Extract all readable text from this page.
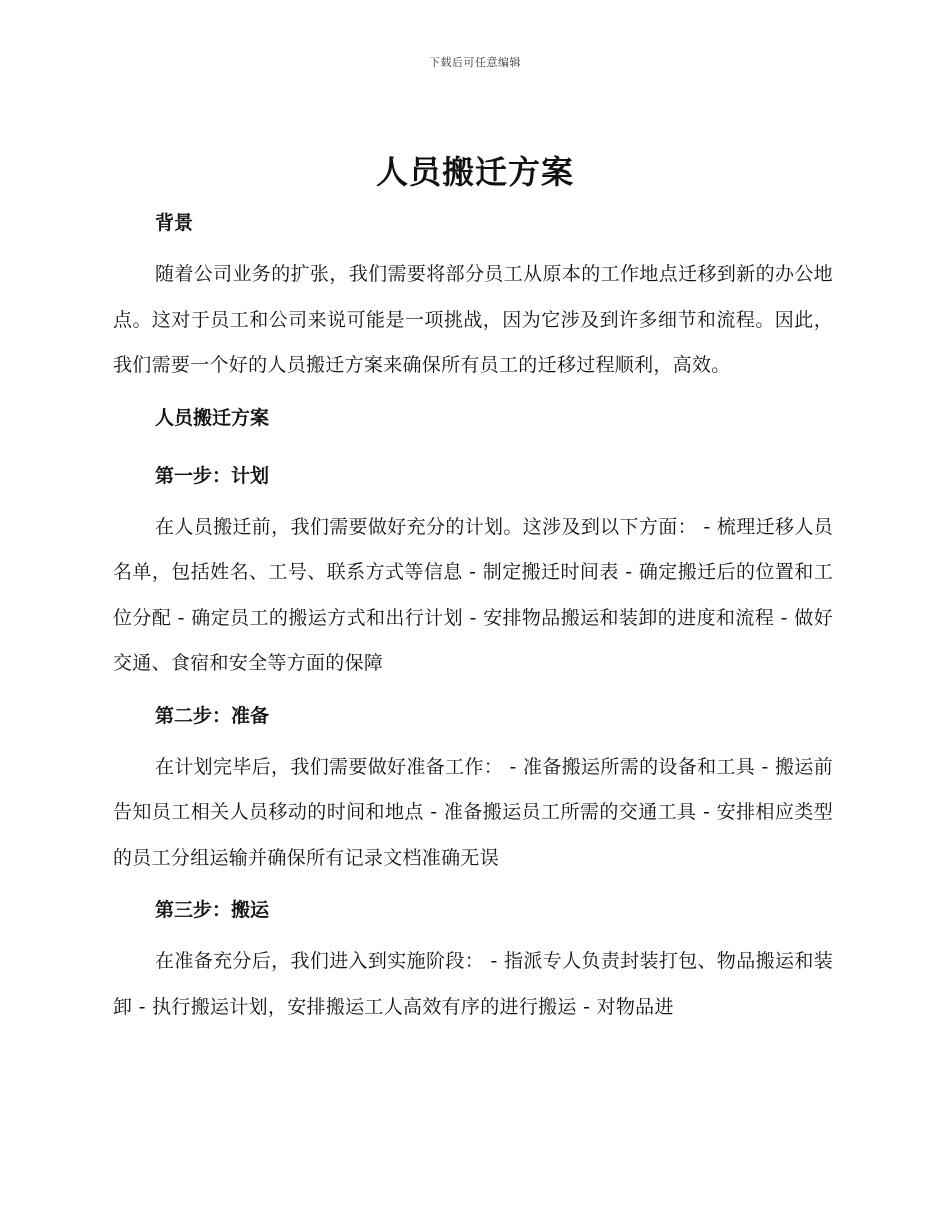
下载后可任意编辑
人员搬迁方案

背景

随着公司业务的扩张，我们需要将部分员工从原本的工作地点迁移到新的办公地点。这对于员工和公司来说可能是一项挑战，因为它涉及到许多细节和流程。因此，我们需要一个好的人员搬迁方案来确保所有员工的迁移过程顺利，高效。

人员搬迁方案

第一步：计划

在人员搬迁前，我们需要做好充分的计划。这涉及到以下方面： - 梳理迁移人员名单，包括姓名、工号、联系方式等信息 - 制定搬迁时间表 - 确定搬迁后的位置和工位分配 - 确定员工的搬运方式和出行计划 - 安排物品搬运和装卸的进度和流程 - 做好交通、食宿和安全等方面的保障

第二步：准备

在计划完毕后，我们需要做好准备工作： - 准备搬运所需的设备和工具 - 搬运前告知员工相关人员移动的时间和地点 - 准备搬运员工所需的交通工具 - 安排相应类型的员工分组运输并确保所有记录文档准确无误

第三步：搬运

在准备充分后，我们进入到实施阶段： - 指派专人负责封装打包、物品搬运和装卸 - 执行搬运计划，安排搬运工人高效有序的进行搬运 - 对物品进
